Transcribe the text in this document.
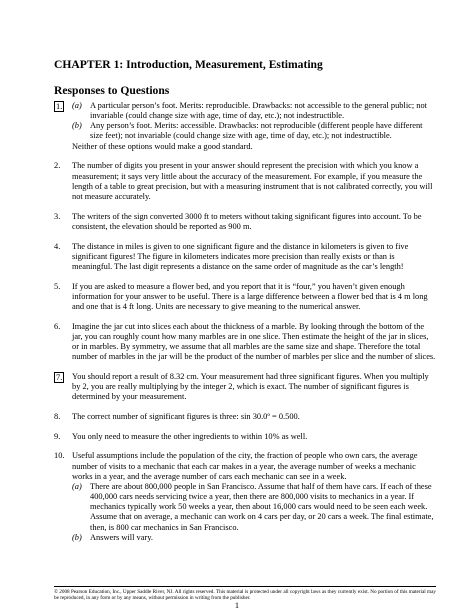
CHAPTER 1: Introduction, Measurement, Estimating
Responses to Questions
1.	(a) A particular person’s foot. Merits: reproducible. Drawbacks: not accessible to the general public; not invariable (could change size with age, time of day, etc.); not indestructible.
(b) Any person’s foot. Merits: accessible. Drawbacks: not reproducible (different people have different size feet); not invariable (could change size with age, time of day, etc.); not indestructible.
Neither of these options would make a good standard.
2.	The number of digits you present in your answer should represent the precision with which you know a measurement; it says very little about the accuracy of the measurement. For example, if you measure the length of a table to great precision, but with a measuring instrument that is not calibrated correctly, you will not measure accurately.
3.	The writers of the sign converted 3000 ft to meters without taking significant figures into account. To be consistent, the elevation should be reported as 900 m.
4.	The distance in miles is given to one significant figure and the distance in kilometers is given to five significant figures! The figure in kilometers indicates more precision than really exists or than is meaningful. The last digit represents a distance on the same order of magnitude as the car’s length!
5.	If you are asked to measure a flower bed, and you report that it is “four,” you haven’t given enough information for your answer to be useful. There is a large difference between a flower bed that is 4 m long and one that is 4 ft long. Units are necessary to give meaning to the numerical answer.
6.	Imagine the jar cut into slices each about the thickness of a marble. By looking through the bottom of the jar, you can roughly count how many marbles are in one slice. Then estimate the height of the jar in slices, or in marbles. By symmetry, we assume that all marbles are the same size and shape. Therefore the total number of marbles in the jar will be the product of the number of marbles per slice and the number of slices.
7.	You should report a result of 8.32 cm. Your measurement had three significant figures. When you multiply by 2, you are really multiplying by the integer 2, which is exact. The number of significant figures is determined by your measurement.
8.	The correct number of significant figures is three: sin 30.0º = 0.500.
9.	You only need to measure the other ingredients to within 10% as well.
10. Useful assumptions include the population of the city, the fraction of people who own cars, the average number of visits to a mechanic that each car makes in a year, the average number of weeks a mechanic works in a year, and the average number of cars each mechanic can see in a week.
(a) There are about 800,000 people in San Francisco. Assume that half of them have cars. If each of these 400,000 cars needs servicing twice a year, then there are 800,000 visits to mechanics in a year. If mechanics typically work 50 weeks a year, then about 16,000 cars would need to be seen each week. Assume that on average, a mechanic can work on 4 cars per day, or 20 cars a week. The final estimate, then, is 800 car mechanics in San Francisco.
(b) Answers will vary.
© 2008 Pearson Education, Inc., Upper Saddle River, NJ. All rights reserved. This material is protected under all copyright laws as they currently exist. No portion of this material may be reproduced, in any form or by any means, without permission in writing from the publisher.
1
